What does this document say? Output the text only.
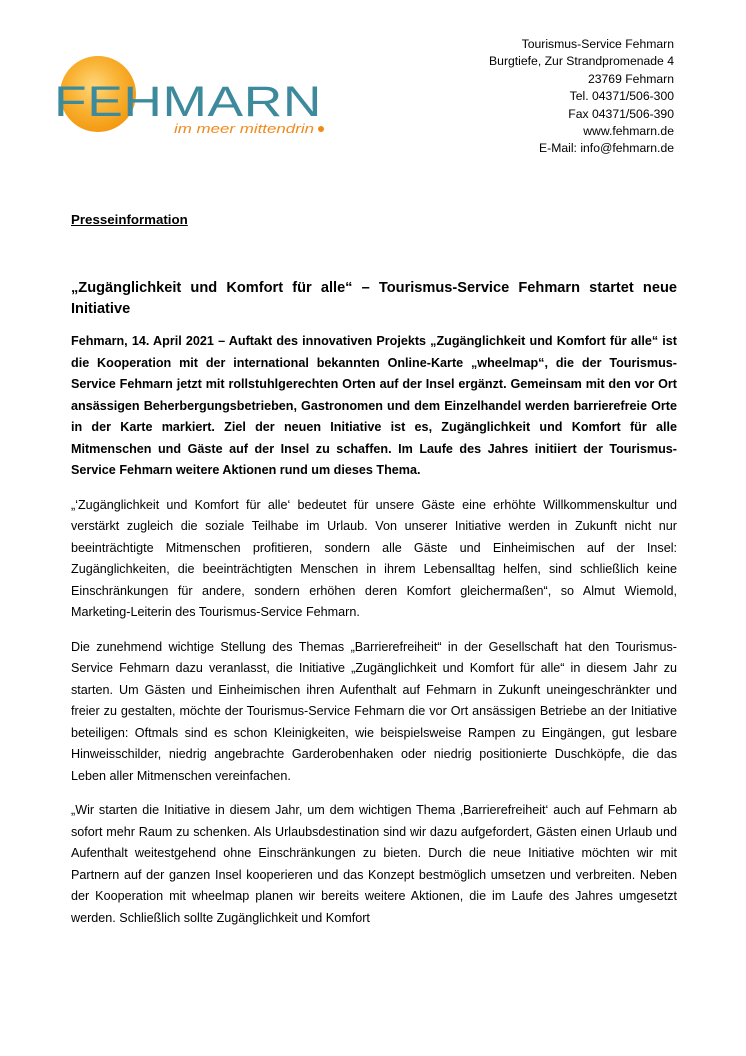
FEHMARN
im meer mittendrin
Tourismus-Service Fehmarn
Burgtiefe, Zur Strandpromenade 4
23769 Fehmarn
Tel. 04371/506-300
Fax 04371/506-390
www.fehmarn.de
E-Mail: info@fehmarn.de

Presseinformation

„Zugänglichkeit und Komfort für alle“ – Tourismus-Service Fehmarn startet neue Initiative

Fehmarn, 14. April 2021 – Auftakt des innovativen Projekts „Zugänglichkeit und Komfort für alle“ ist die Kooperation mit der international bekannten Online-Karte „wheelmap“, die der Tourismus-Service Fehmarn jetzt mit rollstuhlgerechten Orten auf der Insel ergänzt. Gemeinsam mit den vor Ort ansässigen Beherbergungsbetrieben, Gastronomen und dem Einzelhandel werden barrierefreie Orte in der Karte markiert. Ziel der neuen Initiative ist es, Zugänglichkeit und Komfort für alle Mitmenschen und Gäste auf der Insel zu schaffen. Im Laufe des Jahres initiiert der Tourismus-Service Fehmarn weitere Aktionen rund um dieses Thema.

„‘Zugänglichkeit und Komfort für alle‘ bedeutet für unsere Gäste eine erhöhte Willkommenskultur und verstärkt zugleich die soziale Teilhabe im Urlaub. Von unserer Initiative werden in Zukunft nicht nur beeinträchtigte Mitmenschen profitieren, sondern alle Gäste und Einheimischen auf der Insel: Zugänglichkeiten, die beeinträchtigten Menschen in ihrem Lebensalltag helfen, sind schließlich keine Einschränkungen für andere, sondern erhöhen deren Komfort gleichermaßen“, so Almut Wiemold, Marketing-Leiterin des Tourismus-Service Fehmarn.

Die zunehmend wichtige Stellung des Themas „Barrierefreiheit“ in der Gesellschaft hat den Tourismus-Service Fehmarn dazu veranlasst, die Initiative „Zugänglichkeit und Komfort für alle“ in diesem Jahr zu starten. Um Gästen und Einheimischen ihren Aufenthalt auf Fehmarn in Zukunft uneingeschränkter und freier zu gestalten, möchte der Tourismus-Service Fehmarn die vor Ort ansässigen Betriebe an der Initiative beteiligen: Oftmals sind es schon Kleinigkeiten, wie beispielsweise Rampen zu Eingängen, gut lesbare Hinweisschilder, niedrig angebrachte Garderobenhaken oder niedrig positionierte Duschköpfe, die das Leben aller Mitmenschen vereinfachen.

„Wir starten die Initiative in diesem Jahr, um dem wichtigen Thema ‚Barrierefreiheit‘ auch auf Fehmarn ab sofort mehr Raum zu schenken. Als Urlaubsdestination sind wir dazu aufgefordert, Gästen einen Urlaub und Aufenthalt weitestgehend ohne Einschränkungen zu bieten. Durch die neue Initiative möchten wir mit Partnern auf der ganzen Insel kooperieren und das Konzept bestmöglich umsetzen und verbreiten. Neben der Kooperation mit wheelmap planen wir bereits weitere Aktionen, die im Laufe des Jahres umgesetzt werden. Schließlich sollte Zugänglichkeit und Komfort
